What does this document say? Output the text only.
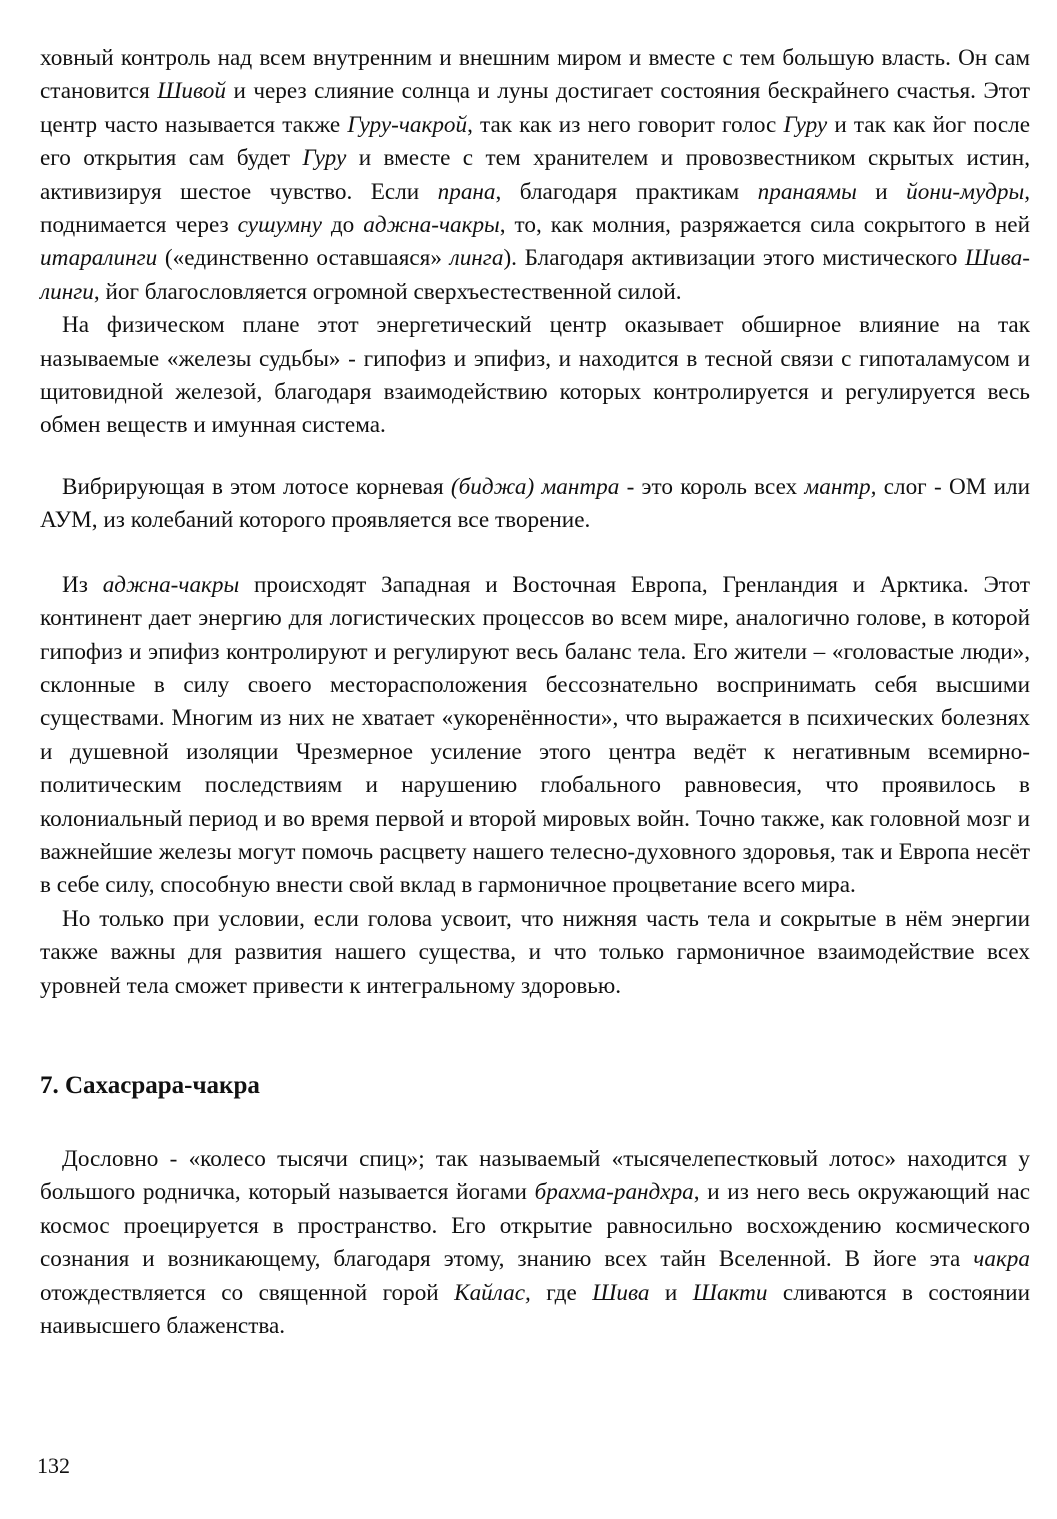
ховный контроль над всем внутренним и внешним миром и вместе с тем большую власть. Он сам становится Шивой и через слияние солнца и луны достигает состояния бескрайнего счастья. Этот центр часто называется также Гуру-чакрой, так как из него говорит голос Гуру и так как йог после его открытия сам будет Гуру и вместе с тем хранителем и провозвестником скрытых истин, активизируя шестое чувство. Если прана, благодаря практикам пранаямы и йони-мудры, поднимается через сушумну до аджна-чакры, то, как молния, разряжается сила сокрытого в ней итаралинги («единственно оставшаяся» линга). Благодаря активизации этого мистического Шива-линги, йог благословляется огромной сверхъестественной силой.

На физическом плане этот энергетический центр оказывает обширное влияние на так называемые «железы судьбы» - гипофиз и эпифиз, и находится в тесной связи с гипоталамусом и щитовидной железой, благодаря взаимодействию которых контролируется и регулируется весь обмен веществ и имунная система.

Вибрирующая в этом лотосе корневая (биджа) мантра - это король всех мантр, слог - ОМ или АУМ, из колебаний которого проявляется все творение.

Из аджна-чакры происходят Западная и Восточная Европа, Гренландия и Арктика. Этот континент дает энергию для логистических процессов во всем мире, аналогично голове, в которой гипофиз и эпифиз контролируют и регулируют весь баланс тела. Его жители – «головастые люди», склонные в силу своего месторасположения бессознательно воспринимать себя высшими существами. Многим из них не хватает «укоренённости», что выражается в психических болезнях и душевной изоляции Чрезмерное усиление этого центра ведёт к негативным всемирно-политическим последствиям и нарушению глобального равновесия, что проявилось в колониальный период и во время первой и второй мировых войн. Точно также, как головной мозг и важнейшие железы могут помочь расцвету нашего телесно-духовного здоровья, так и Европа несёт в себе силу, способную внести свой вклад в гармоничное процветание всего мира.

Но только при условии, если голова усвоит, что нижняя часть тела и сокрытые в нём энергии также важны для развития нашего существа, и что только гармоничное взаимодействие всех уровней тела сможет привести к интегральному здоровью.

7. Сахасрара-чакра

Дословно - «колесо тысячи спиц»; так называемый «тысячелепестковый лотос» находится у большого родничка, который называется йогами брахма-рандхра, и из него весь окружающий нас космос проецируется в пространство. Его открытие равносильно восхождению космического сознания и возникающему, благодаря этому, знанию всех тайн Вселенной. В йоге эта чакра отождествляется со священной горой Кайлас, где Шива и Шакти сливаются в состоянии наивысшего блаженства.

132
